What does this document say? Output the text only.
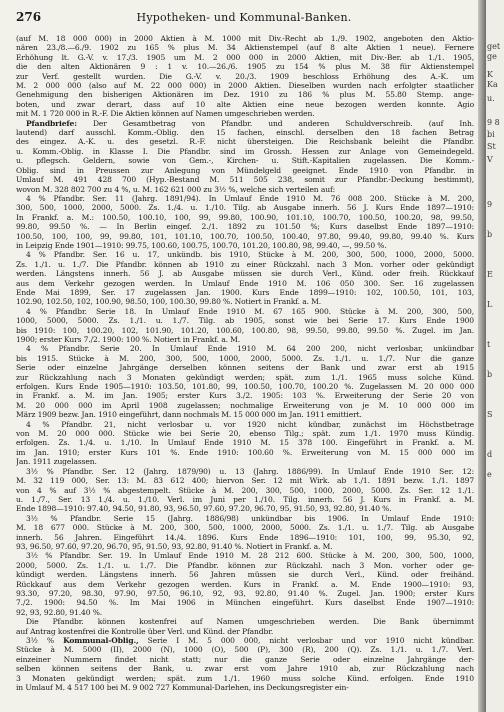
276	Hypotheken- und Kommunal-Banken.
(auf M. 18 000 000) in 2000 Aktien à M. 1000 mit Div.-Recht ab 1./9. 1902, angeboten den Aktio-
nären 23./8.—6./9. 1902 zu 165 % plus M. 34 Aktienstempel (auf 8 alte Aktien 1 neue). Fernere
Erhöhung lt. G.-V. v. 17./3. 1905 um M. 2 000 000 in 2000 Aktien, mit Div.-Ber. ab 1./1. 1905,
die den alten Aktionären 9 : 1 v. 10.—26./6. 1905 zu 154 % plus M. 38 für Aktienstempel
zur Verf. gestellt wurden. Die G.-V. v. 20./3. 1909 beschloss Erhöhung des A.-K. um
M. 2 000 000 (also auf M. 22 000 000) in 2000 Aktien. Dieselben wurden nach erfolgter staatlicher
Genehmigung den bisherigen Aktionären im Dez. 1910 zu 186 % plus M. 55.80 Stemp. ange-
boten, und zwar derart, dass auf 10 alte Aktien eine neue bezogen werden konnte. Agio
mit M. 1 720 000 in R.-F. Die Aktien können auf Namen umgeschrieben werden.
Pfandbriefe: Der Gesamtbetrag von Pfandbr. und anderen Schuldverschreib. (auf Inh.
lautend) darf ausschl. Komm.-Oblig. den 15 fachen, einschl. derselben den 18 fachen Betrag
des eingez. A.-K. u. des gesetzl. R.-F. nicht übersteigen. Die Reichsbank beleiht die Pfandbr.
u. Komm.-Oblig. in Klasse I. Die Pfandbr. sind im Grossh. Hessen zur Anlage von Gemeindegeld.
u. pflegsch. Geldern, sowie von Gem.-, Kirchen- u. Stift.-Kapitalien zugelassen. Die Komm.-
Oblig. sind in Preussen zur Anlegung von Mündelgeld geeignet. Ende 1910 von Pfandbr. in
Umlauf M. 491 428 700 (Hyp.-Bestand M. 511 505 238, somit zur Pfandbr.-Deckung bestimmt),
wovon M. 328 802 700 zu 4 %, u. M. 162 621 000 zu 3½ %, welche sich verteilen auf:
4 % Pfandbr. Ser. 11 (Jahrg. 1891/94). In Umlauf Ende 1910 M. 76 008 200. Stücke à M. 200,
300, 500, 1000, 2000, 5000. Zs. 1./4. u. 1./10. Tilg. ab Ausgabe innerh. 56 J. Kurs Ende 1897—1910:
In Frankf. a. M.: 100.50, 100.10, 100, 99, 99.80, 100.90, 101.10, 100.70, 100.50, 100.20, 98, 99.50,
99.80, 99.50 %. — In Berlin eingef. 2./1. 1892 zu 101.50 %; Kurs daselbst Ende 1897—1910:
100.50, 100, 100, 99, 99.80, 101, 101.10, 100.70, 100.50, 100.40, 97.80, 99.40, 99.80, 99.40 %. Kurs
in Leipzig Ende 1901—1910: 99.75, 100.60, 100.75, 100.70, 101.20, 100.80, 98, 99.40, —, 99.50 %.
4 % Pfandbr. Ser. 16 u. 17, unkündb. bis 1910, Stücke à M. 200, 300, 500, 1000, 2000, 5000.
Zs. 1./1. u. 1./7. Die Pfandbr. können ab 1910 zu einer Rückzahl. nach 3 Mon. vorher oder gekündigt
werden. Längstens innerh. 56 J. ab Ausgabe müssen sie durch Verl., Künd. oder freih. Rückkauf
aus dem Verkehr gezogen werden. In Umlauf Ende 1910 M. 106 050 300. Ser. 16 zugelassen
Ende Mai 1899, Ser. 17 zugelassen Jan. 1900. Kurs Ende 1899—1910: 102, 100.50, 101, 103,
102.90, 102.50, 102, 100.90, 98.50, 100, 100.30, 99.80 %. Notiert in Frankf. a. M.
4 % Pfandbr. Serie 18. In Umlauf Ende 1910 M. 67 165 900. Stücke à M. 200, 300, 500,
1000, 5000, 5000. Zs. 1./1. u. 1./7. Tilg. ab 1905, sonst wie bei Serie 17. Kurs Ende 1900
bis 1910: 100, 100.20, 102, 101.90, 101.20, 100.60, 100.80, 98, 99.50, 99.80, 99.50 %. Zugel. im Jan.
1900; erster Kurs 7./2. 1900: 100 %. Notiert in Frankf. a. M.
4 % Pfandbr. Serie 20. In Umlauf Ende 1910 M. 64 200 200, nicht verlosbar, unkündbar
bis 1915. Stücke à M. 200, 300, 500, 1000, 2000, 5000. Zs. 1./1. u. 1./7. Nur die ganze
Serie oder einzelne Jahrgänge derselben können seitens der Bank und zwar erst ab 1915
zur Rückzahlung nach 3 Monaten gekündigt werden; spät. zum 1./1. 1965 muss solche Künd.
erfolgen. Kurs Ende 1905—1910: 103.50, 101.80, 99, 100.50, 100.70, 100.20 %. Zugelassen M. 20 000 000
in Frankf. a. M. im Jan. 1905; erster Kurs 3./2. 1905: 103 %. Erweiterung der Serie 20 von
M. 20 000 000 im April 1908 zugelassen; nochmalige Erweiterung von je M. 10 000 000 im
März 1909 bezw. Jan. 1910 eingeführt, dann nochmals M. 15 000 000 im Jan. 1911 emittiert.
4 % Pfandbr. 21, nicht verlosbar u. vor 1920 nicht kündbar, zunächst im Höchstbetrage
von M. 20 000 000. Stücke wie bei Serie 20, ebenso Tilg.; spät. zum 1./1. 1970 muss Kündig.
erfolgen. Zs. 1./4. u. 1./10. In Umlauf Ende 1910 M. 15 378 100. Eingeführt in Frankf. a. M.
im Jan. 1910; erster Kurs 101 %. Ende 1910: 100.60 %. Erweiterung von M. 15 000 000 im
Jan. 1911 zugelassen.
3½ % Pfandbr. Ser. 12 (Jahrg. 1879/90) u. 13 (Jahrg. 1886/99). In Umlauf Ende 1910 Ser. 12:
M. 32 119 000, Ser. 13: M. 83 612 400; hiervon Ser. 12 mit Wirk. ab 1./1. 1891 bezw. 1./1. 1897
von 4 % auf 3½ % abgestempelt. Stücke à M. 200, 300, 500, 1000, 2000, 5000. Zs. Ser. 12 1./1.
u. 1./7., Ser. 13 1./4. u. 1./10. Verl. im Juni per 1./10. Tilg. innerh. 56 J. Kurs in Frankf. a. M.
Ende 1898—1910: 97.40, 94.50, 91.80, 93, 96.50, 97.60, 97.20, 96.70, 95, 91.50, 93, 92.80, 91.40 %.
3½ % Pfandbr. Serie 15 (Jahrg. 1886/98) unkündbar bis 1906. In Umlauf Ende 1910:
M. 18 677 000. Stücke à M. 200, 300, 500, 1000, 2000, 5000. Zs. 1./1. u. 1./7. Tilg. ab Ausgabe
innerh. 56 Jahren. Eingeführt 14./4. 1896. Kurs Ende 1896—1910: 101, 100, 99, 95.30, 92,
93, 96.50, 97.60, 97.20, 96.70, 95, 91.50, 93, 92.80, 91.40 %. Notiert in Frankf. a. M.
3½ % Pfandbr. Ser. 19. In Umlauf Ende 1910 M. 28 212 600. Stücke à M. 200, 300, 500, 1000,
2000, 5000. Zs. 1./1. u. 1./7. Die Pfandbr. können zur Rückzahl. nach 3 Mon. vorher oder ge-
kündigt werden. Längstens innerh. 56 Jahren müssen sie durch Verl., Künd. oder freihänd.
Rückkauf aus dem Verkehr gezogen werden. Kurs in Frankf. a. M. Ende 1900—1910: 93,
93.30, 97.20, 98.30, 97.90, 97.50, 96.10, 92, 93, 92.80, 91.40 %. Zugel. Jan. 1900; erster Kurs
7./2. 1900: 94.50 %. Im Mai 1906 in München eingeführt. Kurs daselbst Ende 1907—1910:
92, 93, 92.80, 91.40 %.
Die Pfandbr. können kostenfrei auf Namen umgeschrieben werden. Die Bank übernimmt
auf Antrag kostenfrei die Kontrolle über Verl. und Künd. der Pfandbr.
3½ % Kommunal-Oblig., Serie I M. 5 000 000, nicht verlosbar und vor 1910 nicht kündbar.
Stücke à M. 5000 (II), 2000 (N), 1000 (O), 500 (P), 300 (R), 200 (Q). Zs. 1./1. u. 1./7. Verl.
einzeiner Nummern findet nicht statt; nur die ganze Serie oder einzelne Jahrgänge der-
selben können seitens der Bank, u. zwar erst vom Jahre 1910 ab, zur Rückzahlung nach
3 Monaten gekündigt werden; spät. zum 1./1. 1960 muss solche Künd. erfolgen. Ende 1910
in Umlauf M. 4 517 100 bei M. 9 002 727 Kommunal-Darlehen, ins Deckungsregister ein-
get
ge
K
Ka
u.
9 8
bi
St
V
9
b
E
L
t
b
S
d
e
